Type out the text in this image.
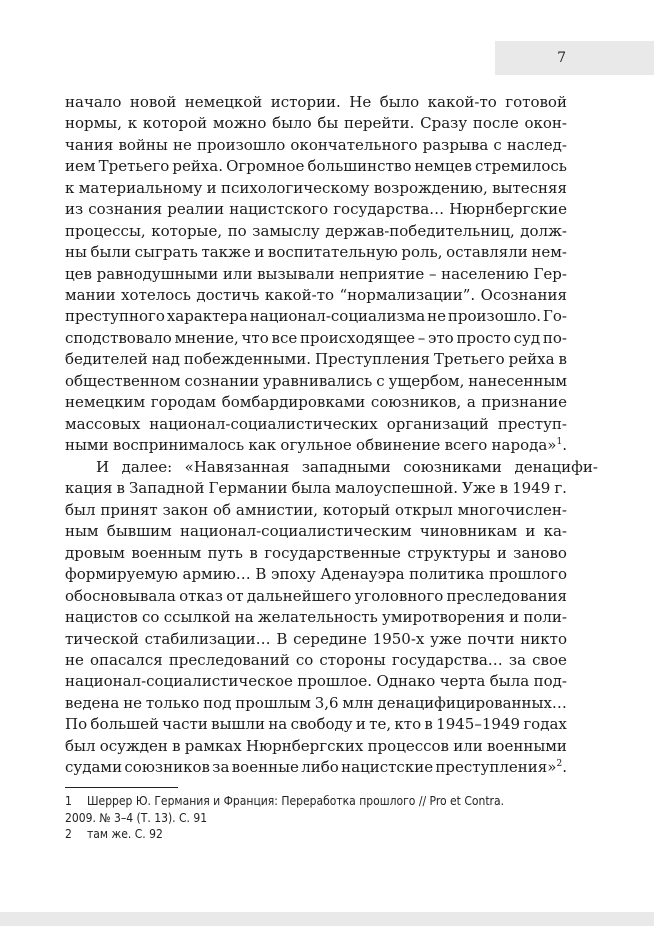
7
начало новой немецкой истории. Не было какой-то готовой
нормы, к которой можно было бы перейти. Сразу после окон-
чания войны не произошло окончательного разрыва с наслед-
ием Третьего рейха. Огромное большинство немцев стремилось
к материальному и психологическому возрождению, вытесняя
из сознания реалии нацистского государства… Нюрнбергские
процессы, которые, по замыслу держав-победительниц, долж-
ны были сыграть также и воспитательную роль, оставляли нем-
цев равнодушными или вызывали неприятие – населению Гер-
мании хотелось достичь какой-то “нормализации”. Осознания
преступного характера национал-социализма не произошло. Го-
сподствовало мнение, что все происходящее – это просто суд по-
бедителей над побежденными. Преступления Третьего рейха в
общественном сознании уравнивались с ущербом, нанесенным
немецким городам бомбардировками союзников, а признание
массовых национал-социалистических организаций преступ-
ными воспринималось как огульное обвинение всего народа»$^1$.
И далее: «Навязанная западными союзниками денацифи-
кация в Западной Германии была малоуспешной. Уже в 1949 г.
был принят закон об амнистии, который открыл многочислен-
ным бывшим национал-социалистическим чиновникам и ка-
дровым военным путь в государственные структуры и заново
формируемую армию… В эпоху Аденауэра политика прошлого
обосновывала отказ от дальнейшего уголовного преследования
нацистов со ссылкой на желательность умиротворения и поли-
тической стабилизации… В середине 1950-х уже почти никто
не опасался преследований со стороны государства… за свое
национал-социалистическое прошлое. Однако черта была под-
ведена не только под прошлым 3,6 млн денацифицированных…
По большей части вышли на свободу и те, кто в 1945–1949 годах
был осужден в рамках Нюрнбергских процессов или военными
судами союзников за военные либо нацистские преступления»$^2$.
1 Шеррер Ю. Германия и Франция: Переработка прошлого // Pro et Contra.
2009. № 3–4 (Т. 13). С. 91
2 там же. С. 92
